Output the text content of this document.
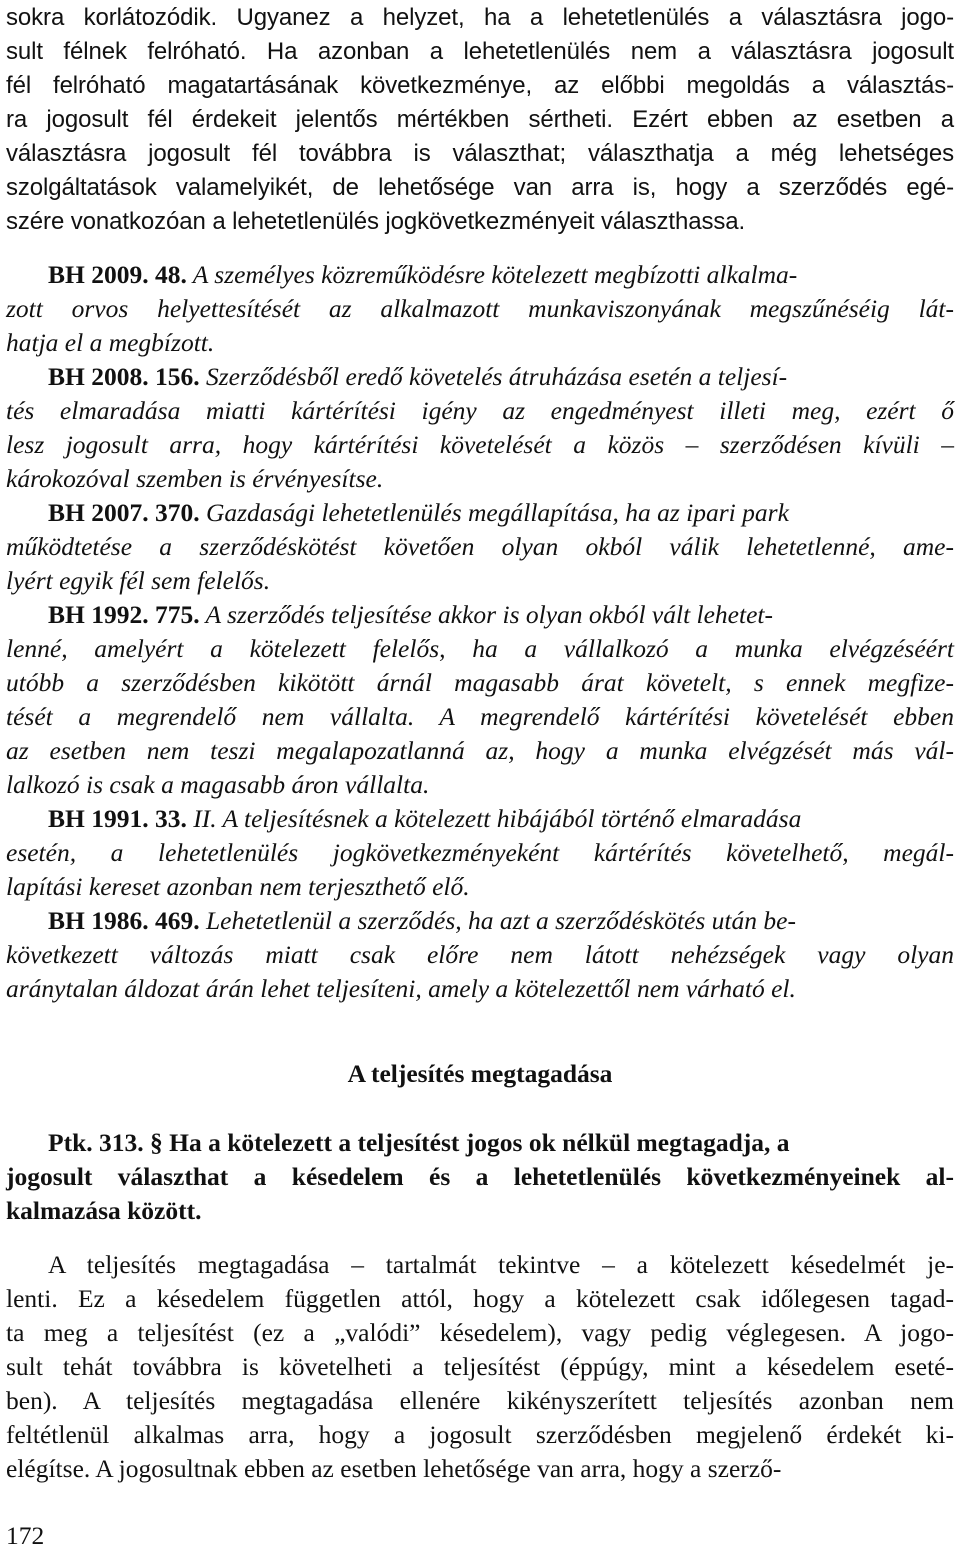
sokra korlátozódik. Ugyanez a helyzet, ha a lehetetlenülés a választásra jogo-
sult félnek felróható. Ha azonban a lehetetlenülés nem a választásra jogosult
fél felróható magatartásának következménye, az előbbi megoldás a választás-
ra jogosult fél érdekeit jelentős mértékben sértheti. Ezért ebben az esetben a
választásra jogosult fél továbbra is választhat; választhatja a még lehetséges
szolgáltatások valamelyikét, de lehetősége van arra is, hogy a szerződés egé-
szére vonatkozóan a lehetetlenülés jogkövetkezményeit választhassa.
BH 2009. 48. A személyes közreműködésre kötelezett megbízotti alkalma-
zott orvos helyettesítését az alkalmazott munkaviszonyának megszűnéséig lát-
hatja el a megbízott.
BH 2008. 156. Szerződésből eredő követelés átruházása esetén a teljesí-
tés elmaradása miatti kártérítési igény az engedményest illeti meg, ezért ő
lesz jogosult arra, hogy kártérítési követelését a közös – szerződésen kívüli –
károkozóval szemben is érvényesítse.
BH 2007. 370. Gazdasági lehetetlenülés megállapítása, ha az ipari park
működtetése a szerződéskötést követően olyan okból válik lehetetlenné, ame-
lyért egyik fél sem felelős.
BH 1992. 775. A szerződés teljesítése akkor is olyan okból vált lehetet-
lenné, amelyért a kötelezett felelős, ha a vállalkozó a munka elvégzéséért
utóbb a szerződésben kikötött árnál magasabb árat követelt, s ennek megfize-
tését a megrendelő nem vállalta. A megrendelő kártérítési követelését ebben
az esetben nem teszi megalapozatlanná az, hogy a munka elvégzését más vál-
lalkozó is csak a magasabb áron vállalta.
BH 1991. 33. II. A teljesítésnek a kötelezett hibájából történő elmaradása
esetén, a lehetetlenülés jogkövetkezményeként kártérítés követelhető, megál-
lapítási kereset azonban nem terjeszthető elő.
BH 1986. 469. Lehetetlenül a szerződés, ha azt a szerződéskötés után be-
következett változás miatt csak előre nem látott nehézségek vagy olyan
aránytalan áldozat árán lehet teljesíteni, amely a kötelezettől nem várható el.
A teljesítés megtagadása
Ptk. 313. § Ha a kötelezett a teljesítést jogos ok nélkül megtagadja, a
jogosult választhat a késedelem és a lehetetlenülés következményeinek al-
kalmazása között.
A teljesítés megtagadása – tartalmát tekintve – a kötelezett késedelmét je-
lenti. Ez a késedelem független attól, hogy a kötelezett csak időlegesen tagad-
ta meg a teljesítést (ez a „valódi” késedelem), vagy pedig véglegesen. A jogo-
sult tehát továbbra is követelheti a teljesítést (éppúgy, mint a késedelem eseté-
ben). A teljesítés megtagadása ellenére kikényszerített teljesítés azonban nem
feltétlenül alkalmas arra, hogy a jogosult szerződésben megjelenő érdekét ki-
elégítse. A jogosultnak ebben az esetben lehetősége van arra, hogy a szerző-
172
